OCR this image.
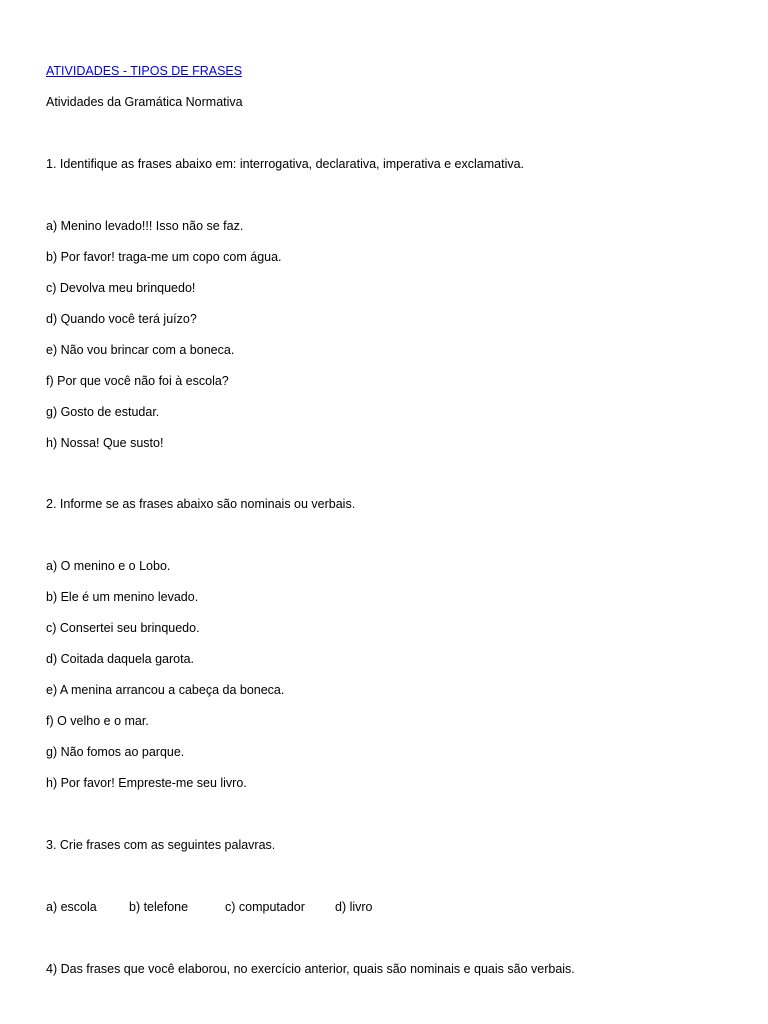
ATIVIDADES - TIPOS DE FRASES
Atividades da Gramática Normativa
1. Identifique as frases abaixo em: interrogativa, declarativa, imperativa e exclamativa.
a) Menino levado!!! Isso não se faz.
b) Por favor! traga-me um copo com água.
c) Devolva meu brinquedo!
d) Quando você terá juízo?
e) Não vou brincar com a boneca.
f) Por que você não foi à escola?
g) Gosto de estudar.
h) Nossa! Que susto!
2. Informe se as frases abaixo são nominais ou verbais.
a) O menino e o Lobo.
b) Ele é um menino levado.
c) Consertei seu brinquedo.
d) Coitada daquela garota.
e) A menina arrancou a cabeça da boneca.
f) O velho e o mar.
g) Não fomos ao parque.
h) Por favor! Empreste-me seu livro.
3. Crie frases com as seguintes palavras.
a) escola	b) telefone	c) computador d) livro
4) Das frases que você elaborou, no exercício anterior, quais são nominais e quais são verbais.
